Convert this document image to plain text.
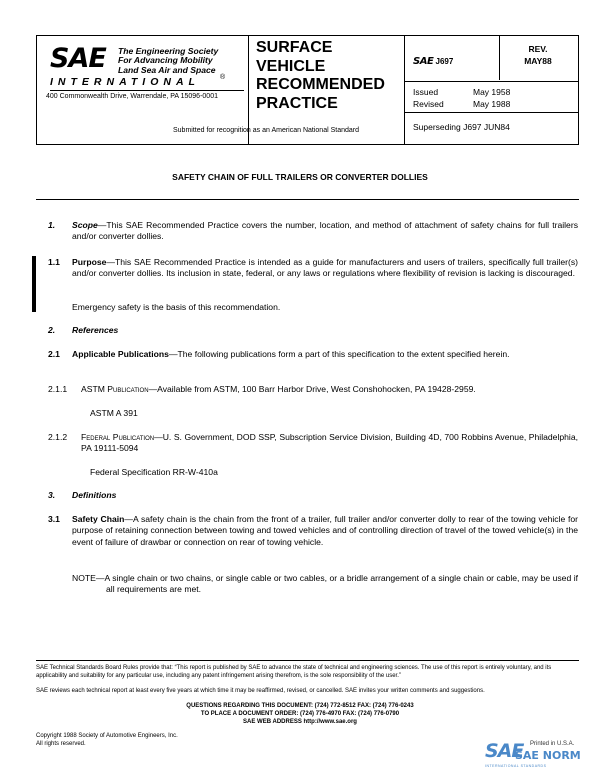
SAE The Engineering Society
For Advancing Mobility
Land Sea Air and Space
INTERNATIONAL	®
400 Commonwealth Drive, Warrendale, PA 15096-0001
Submitted for recognition as an American National Standard
SURFACE
VEHICLE
RECOMMENDED
PRACTICE
SAE J697
REV.
MAY88
Issued	May 1958
Revised	May 1988
Superseding J697 JUN84
SAFETY CHAIN OF FULL TRAILERS OR CONVERTER DOLLIES
1. Scope—This SAE Recommended Practice covers the number, location, and method of attachment of safety chains for full trailers and/or converter dollies.
1.1 Purpose—This SAE Recommended Practice is intended as a guide for manufacturers and users of trailers, specifically full trailer(s) and/or converter dollies. Its inclusion in state, federal, or any laws or regulations where flexibility of revision is lacking is discouraged.
Emergency safety is the basis of this recommendation.
2. References
2.1 Applicable Publications—The following publications form a part of this specification to the extent specified herein.
2.1.1 ASTM Publication—Available from ASTM, 100 Barr Harbor Drive, West Conshohocken, PA 19428-2959.
ASTM A 391
2.1.2 Federal Publication—U. S. Government, DOD SSP, Subscription Service Division, Building 4D, 700 Robbins Avenue, Philadelphia, PA 19111-5094
Federal Specification RR-W-410a
3. Definitions
3.1 Safety Chain—A safety chain is the chain from the front of a trailer, full trailer and/or converter dolly to rear of the towing vehicle for purpose of retaining connection between towing and towed vehicles and of controlling direction of travel of the towed vehicle(s) in the event of failure of drawbar or connection on rear of towing vehicle.
NOTE—A single chain or two chains, or single cable or two cables, or a bridle arrangement of a single chain or cable, may be used if all requirements are met.
SAE Technical Standards Board Rules provide that: “This report is published by SAE to advance the state of technical and engineering sciences. The use of this report is entirely voluntary, and its applicability and suitability for any particular use, including any patent infringement arising therefrom, is the sole responsibility of the user.”
SAE reviews each technical report at least every five years at which time it may be reaffirmed, revised, or cancelled. SAE invites your written comments and suggestions.
QUESTIONS REGARDING THIS DOCUMENT: (724) 772-8512 FAX: (724) 776-0243
TO PLACE A DOCUMENT ORDER: (724) 776-4970 FAX: (724) 776-0790
SAE WEB ADDRESS http://www.sae.org
Copyright 1988 Society of Automotive Engineers, Inc.
All rights reserved.	SAE
SAE NORM
INTERNATIONAL STANDARDS
Printed in U.S.A.
